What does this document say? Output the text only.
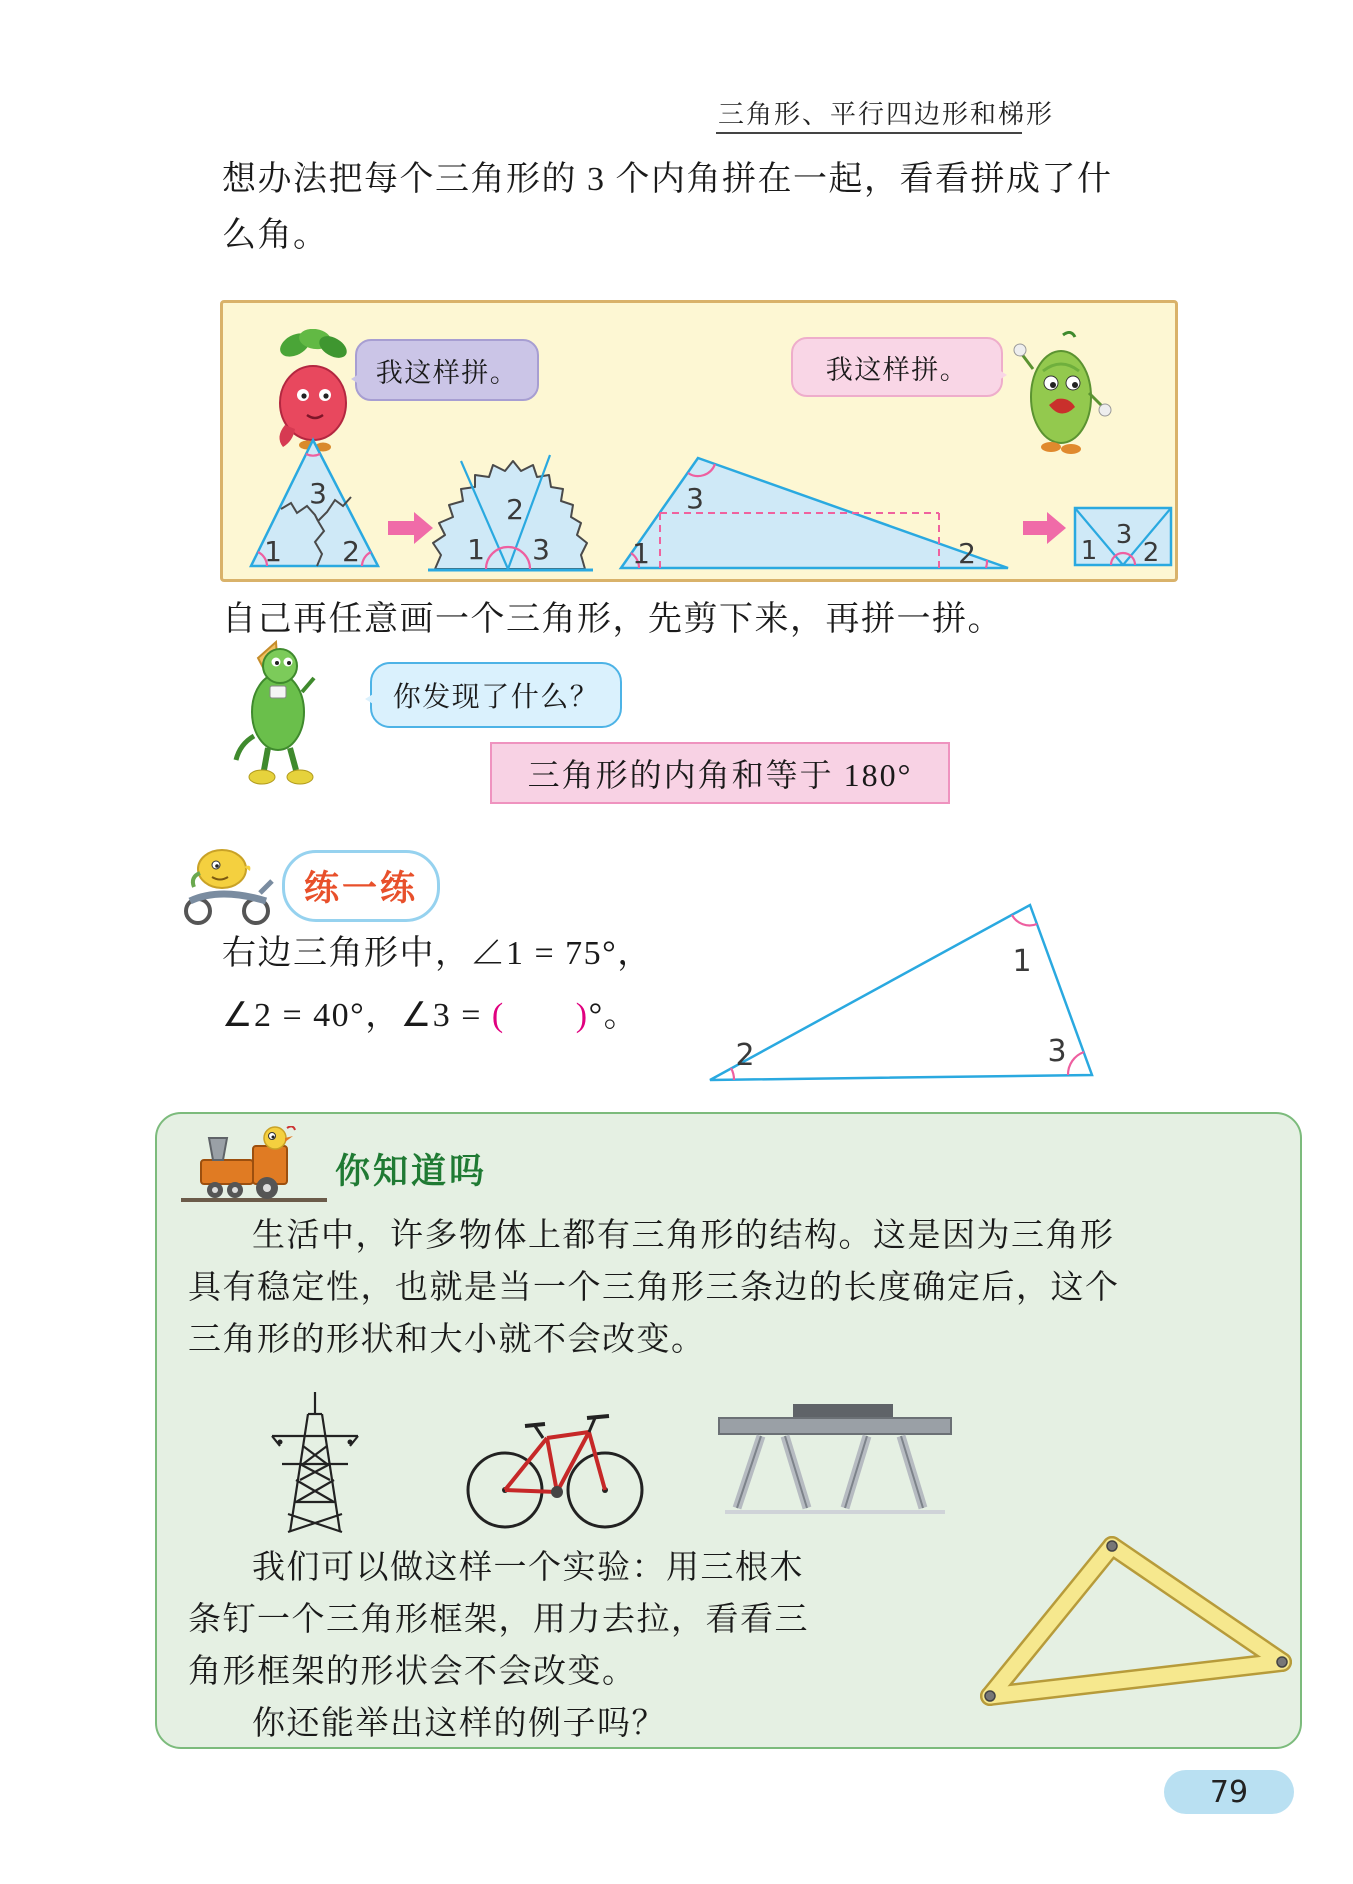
三角形、平行四边形和梯形
想办法把每个三角形的 3 个内角拼在一起，看看拼成了什
么角。
我这样拼。	我这样拼。
3
1 2	1
2
3
3
1	2	1
3
2
自己再任意画一个三角形，先剪下来，再拼一拼。
你发现了什么？
三角形的内角和等于 180°
练一练
右边三角形中，∠1 = 75°，
∠2 = 40°，∠3 = (　　)°。
1
2	3
你知道吗
生活中，许多物体上都有三角形的结构。这是因为三角形
具有稳定性，也就是当一个三角形三条边的长度确定后，这个
三角形的形状和大小就不会改变。
我们可以做这样一个实验：用三根木
条钉一个三角形框架，用力去拉，看看三
角形框架的形状会不会改变。
你还能举出这样的例子吗？
79
